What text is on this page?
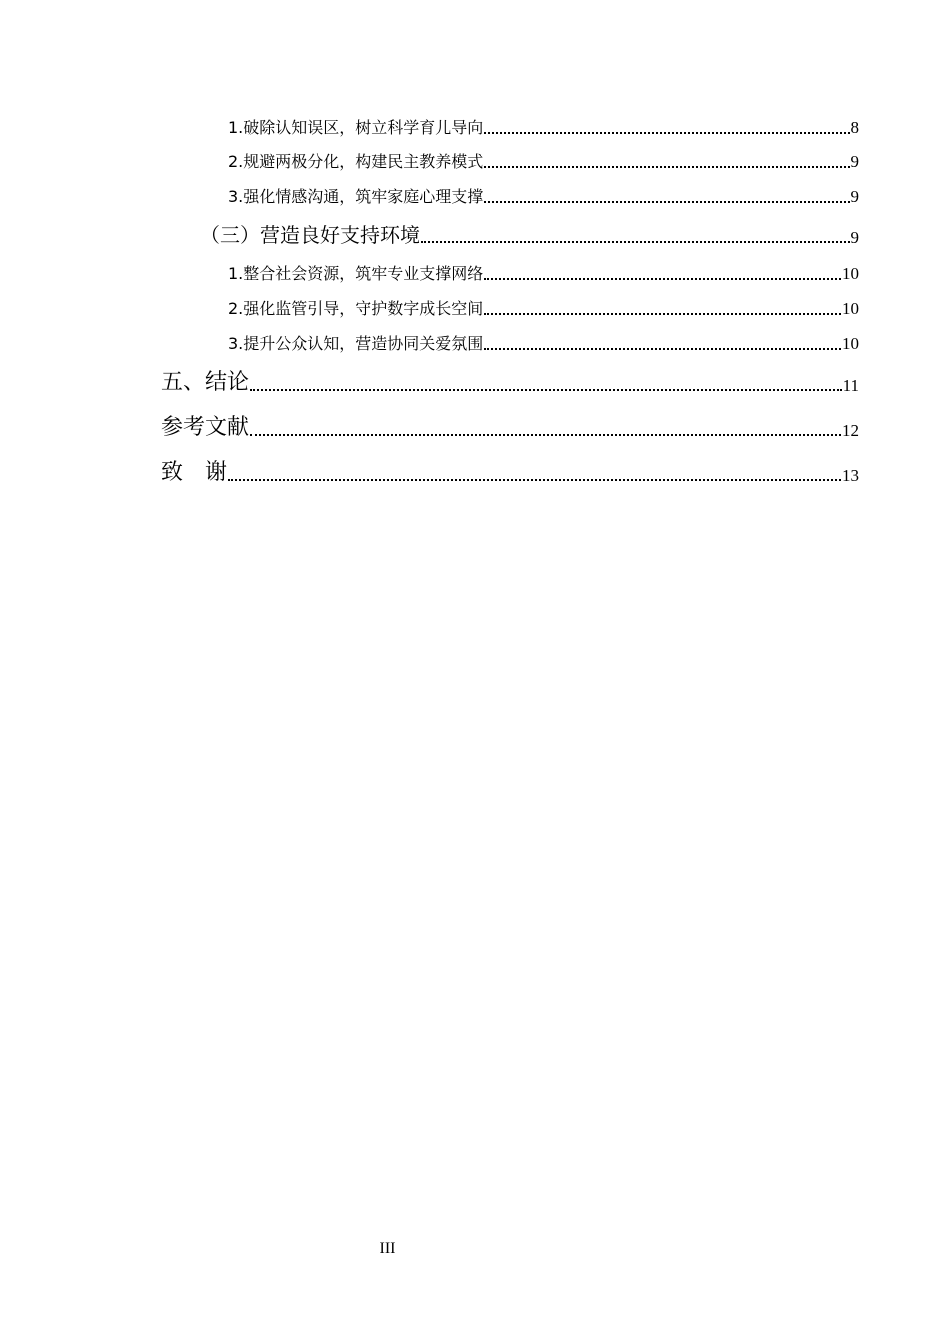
1.破除认知误区，树立科学育儿导向	8
2.规避两极分化，构建民主教养模式	9
3.强化情感沟通，筑牢家庭心理支撑	9
（三）营造良好支持环境	9
1.整合社会资源，筑牢专业支撑网络	10
2.强化监管引导，守护数字成长空间	10
3.提升公众认知，营造协同关爱氛围	10
五、结论	11
参考文献	12
致　谢	13
III
